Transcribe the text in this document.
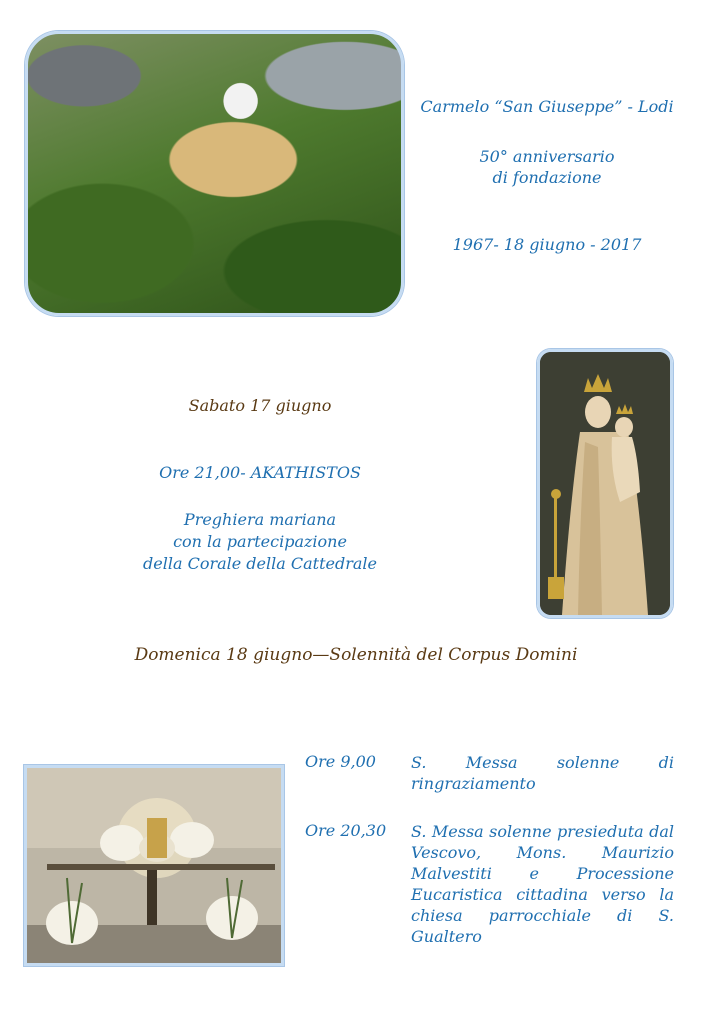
Carmelo “San Giuseppe” - Lodi
50° anniversario
di fondazione
1967- 18 giugno - 2017
Sabato 17 giugno
Ore 21,00- AKATHISTOS
Preghiera mariana
con la partecipazione
della Corale della Cattedrale
Domenica 18 giugno—Solennità del Corpus Domini
Ore 9,00	S. Messa solenne di ringraziamento
Ore 20,30	S. Messa solenne presieduta dal Vescovo, Mons. Maurizio Malvestiti e Processione Eucaristica cittadina verso la chiesa parrocchiale di S. Gualtero
